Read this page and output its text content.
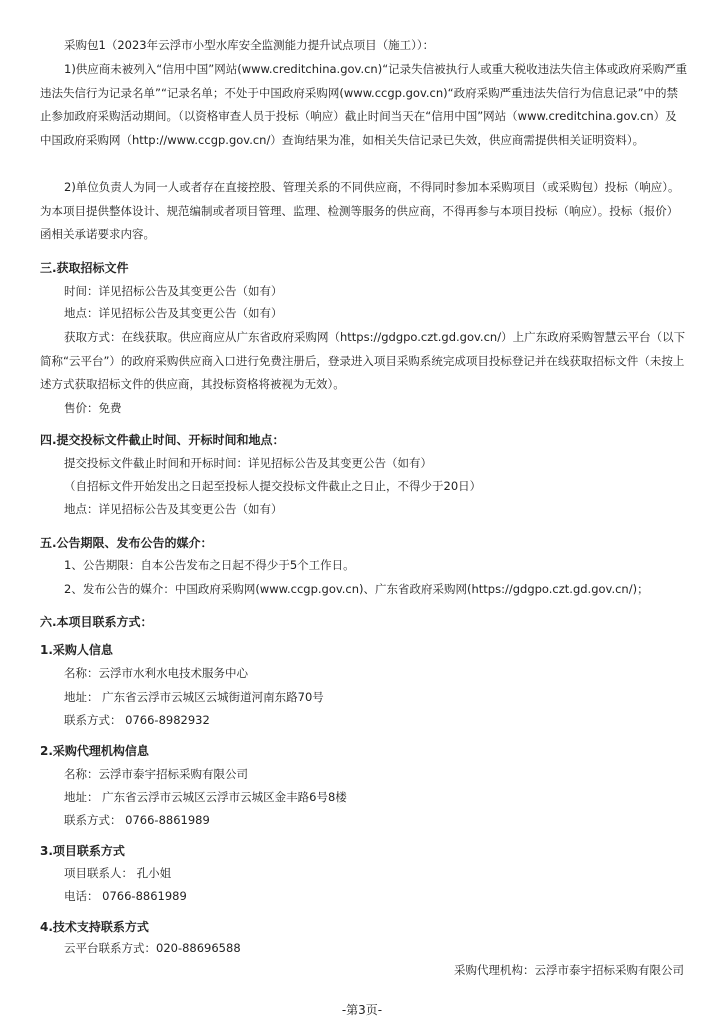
采购包1（2023年云浮市小型水库安全监测能力提升试点项目（施工））：

1)供应商未被列入“信用中国”网站(www.creditchina.gov.cn)“记录失信被执行人或重大税收违法失信主体或政府采购严重违法失信行为记录名单”“记录名单；不处于中国政府采购网(www.ccgp.gov.cn)“政府采购严重违法失信行为信息记录”中的禁止参加政府采购活动期间。（以资格审查人员于投标（响应）截止时间当天在“信用中国”网站（www.creditchina.gov.cn）及中国政府采购网（http://www.ccgp.gov.cn/）查询结果为准，如相关失信记录已失效，供应商需提供相关证明资料）。

2)单位负责人为同一人或者存在直接控股、管理关系的不同供应商，不得同时参加本采购项目（或采购包）投标（响应）。为本项目提供整体设计、规范编制或者项目管理、监理、检测等服务的供应商，不得再参与本项目投标（响应）。投标（报价）函相关承诺要求内容。

三.获取招标文件

时间：详见招标公告及其变更公告（如有）

地点：详见招标公告及其变更公告（如有）

获取方式：在线获取。供应商应从广东省政府采购网（https://gdgpo.czt.gd.gov.cn/）上广东政府采购智慧云平台（以下简称“云平台”）的政府采购供应商入口进行免费注册后，登录进入项目采购系统完成项目投标登记并在线获取招标文件（未按上述方式获取招标文件的供应商，其投标资格将被视为无效）。

售价：免费

四.提交投标文件截止时间、开标时间和地点：

提交投标文件截止时间和开标时间：详见招标公告及其变更公告（如有）

（自招标文件开始发出之日起至投标人提交投标文件截止之日止，不得少于20日）

地点：详见招标公告及其变更公告（如有）

五.公告期限、发布公告的媒介：

1、公告期限：自本公告发布之日起不得少于5个工作日。

2、发布公告的媒介：中国政府采购网(www.ccgp.gov.cn)、广东省政府采购网(https://gdgpo.czt.gd.gov.cn/)；

六.本项目联系方式：
1.采购人信息

名称：云浮市水利水电技术服务中心

地址： 广东省云浮市云城区云城街道河南东路70号

联系方式： 0766-8982932

2.采购代理机构信息

名称：云浮市泰宇招标采购有限公司

地址： 广东省云浮市云城区云浮市云城区金丰路6号8楼

联系方式： 0766-8861989

3.项目联系方式

项目联系人： 孔小姐

电话： 0766-8861989

4.技术支持联系方式

云平台联系方式：020-88696588

采购代理机构：云浮市泰宇招标采购有限公司

-第3页-
